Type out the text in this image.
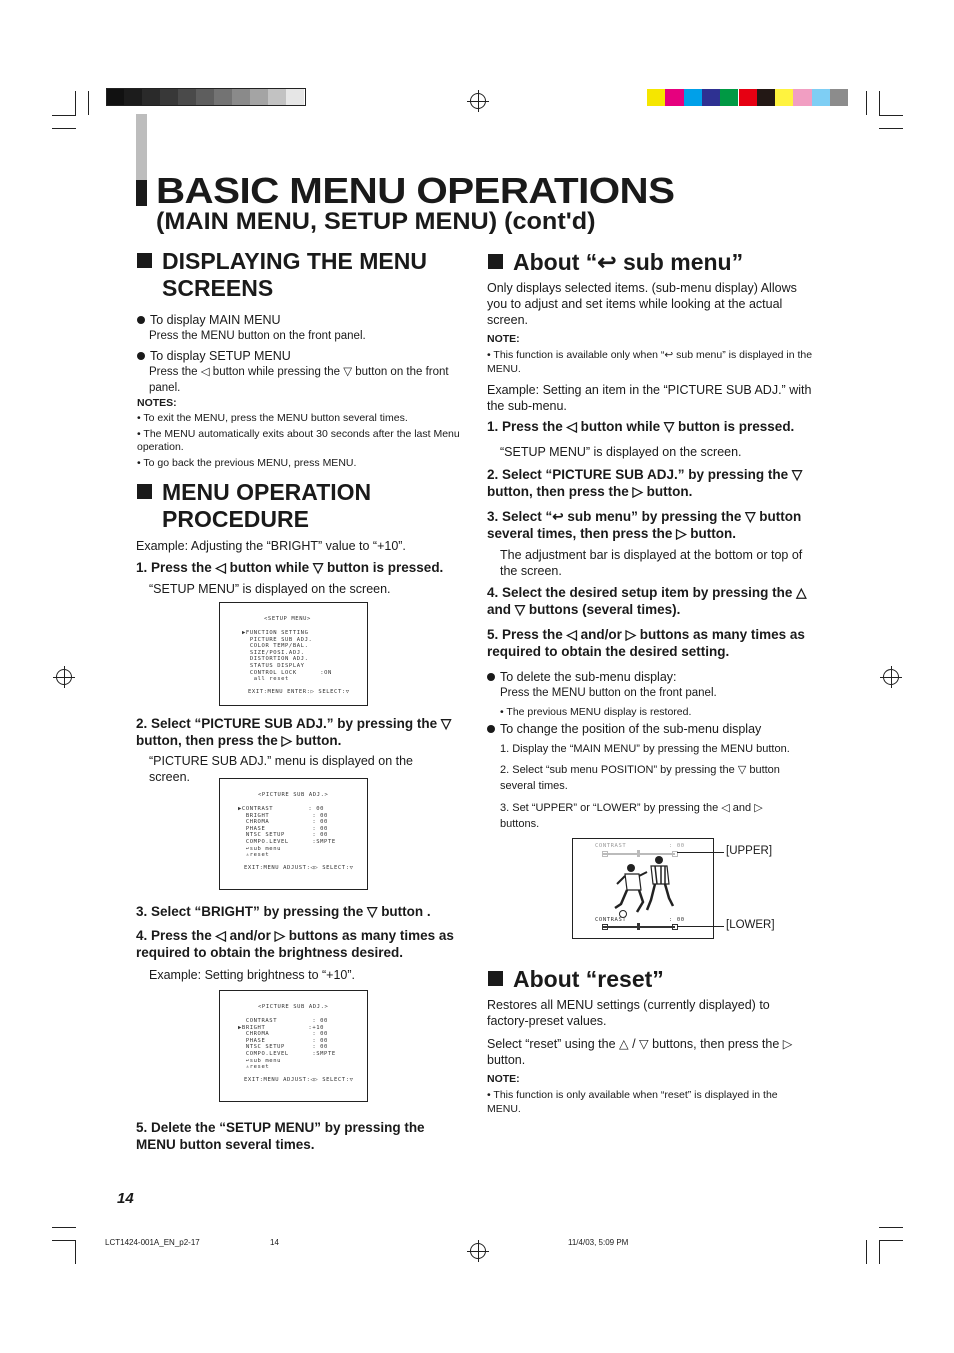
BASIC MENU OPERATIONS
(MAIN MENU, SETUP MENU) (cont'd)
DISPLAYING THE MENU SCREENS
To display MAIN MENU
Press the MENU button on the front panel.
To display SETUP MENU
Press the ◁ button while pressing the ▽ button on the front panel.
NOTES:
• To exit the MENU, press the MENU button several times.
• The MENU automatically exits about 30 seconds after the last Menu operation.
• To go back the previous MENU, press MENU.
MENU OPERATION PROCEDURE
Example: Adjusting the “BRIGHT” value to “+10”.
1. Press the ◁ button while ▽ button is pressed.
“SETUP MENU” is displayed on the screen.
<SETUP MENU>
▶FUNCTION SETTING
PICTURE SUB ADJ.
COLOR TEMP/BAL.
SIZE/POSI.ADJ.
DISTORTION ADJ.
STATUS DISPLAY
CONTROL LOCK      :ON
all reset
EXIT:MENU ENTER:▷ SELECT:▽
2. Select “PICTURE SUB ADJ.” by pressing the ▽ button, then press the ▷ button.
“PICTURE SUB ADJ.” menu is displayed on the screen.
<PICTURE SUB ADJ.>
▶CONTRAST         : 00
BRIGHT           : 00
CHROMA           : 00
PHASE            : 00
NTSC SETUP       : 00
COMPO.LEVEL      :SMPTE
↩sub menu
▵reset
EXIT:MENU ADJUST:◁▷ SELECT:▽
3. Select “BRIGHT” by pressing the ▽ button .
4. Press the ◁ and/or ▷ buttons as many times as required to obtain the brightness desired.
Example: Setting brightness to “+10”.
<PICTURE SUB ADJ.>
CONTRAST         : 00
▶BRIGHT           :+10
CHROMA           : 00
PHASE            : 00
NTSC SETUP       : 00
COMPO.LEVEL      :SMPTE
↩sub menu
▵reset
EXIT:MENU ADJUST:◁▷ SELECT:▽
5. Delete the “SETUP MENU” by pressing the MENU button several times.
14
About “↩ sub menu”
Only displays selected items. (sub-menu display) Allows you to adjust and set items while looking at the actual screen.
NOTE:
• This function is available only when “↩ sub menu” is displayed in the MENU.
Example: Setting an item in the “PICTURE SUB ADJ.” with the sub-menu.
1. Press the ◁ button while ▽ button is pressed.
“SETUP MENU” is displayed on the screen.
2. Select “PICTURE SUB ADJ.” by pressing the ▽ button, then press the ▷ button.
3. Select “↩ sub menu” by pressing the ▽ button several times, then press the ▷ button.
The adjustment bar is displayed at the bottom or top of the screen.
4. Select the desired setup item by pressing the △ and ▽ buttons (several times).
5. Press the ◁ and/or ▷ buttons as many times as required to obtain the desired setting.
To delete the sub-menu display:
Press the MENU button on the front panel.
• The previous MENU display is restored.
To change the position of the sub-menu display
1. Display the “MAIN MENU” by pressing the MENU button.
2. Select “sub menu POSITION” by pressing the ▽ button several times.
3. Set “UPPER” or “LOWER” by pressing the ◁ and ▷ buttons.
CONTRAST	: 00
CONTRAST	: 00
[UPPER]
[LOWER]
About “reset”
Restores all MENU settings (currently displayed) to factory-preset values.
Select “reset” using the △ / ▽ buttons, then press the ▷ button.
NOTE:
• This function is only available when “reset” is displayed in the MENU.
LCT1424-001A_EN_p2-17	14	11/4/03, 5:09 PM
